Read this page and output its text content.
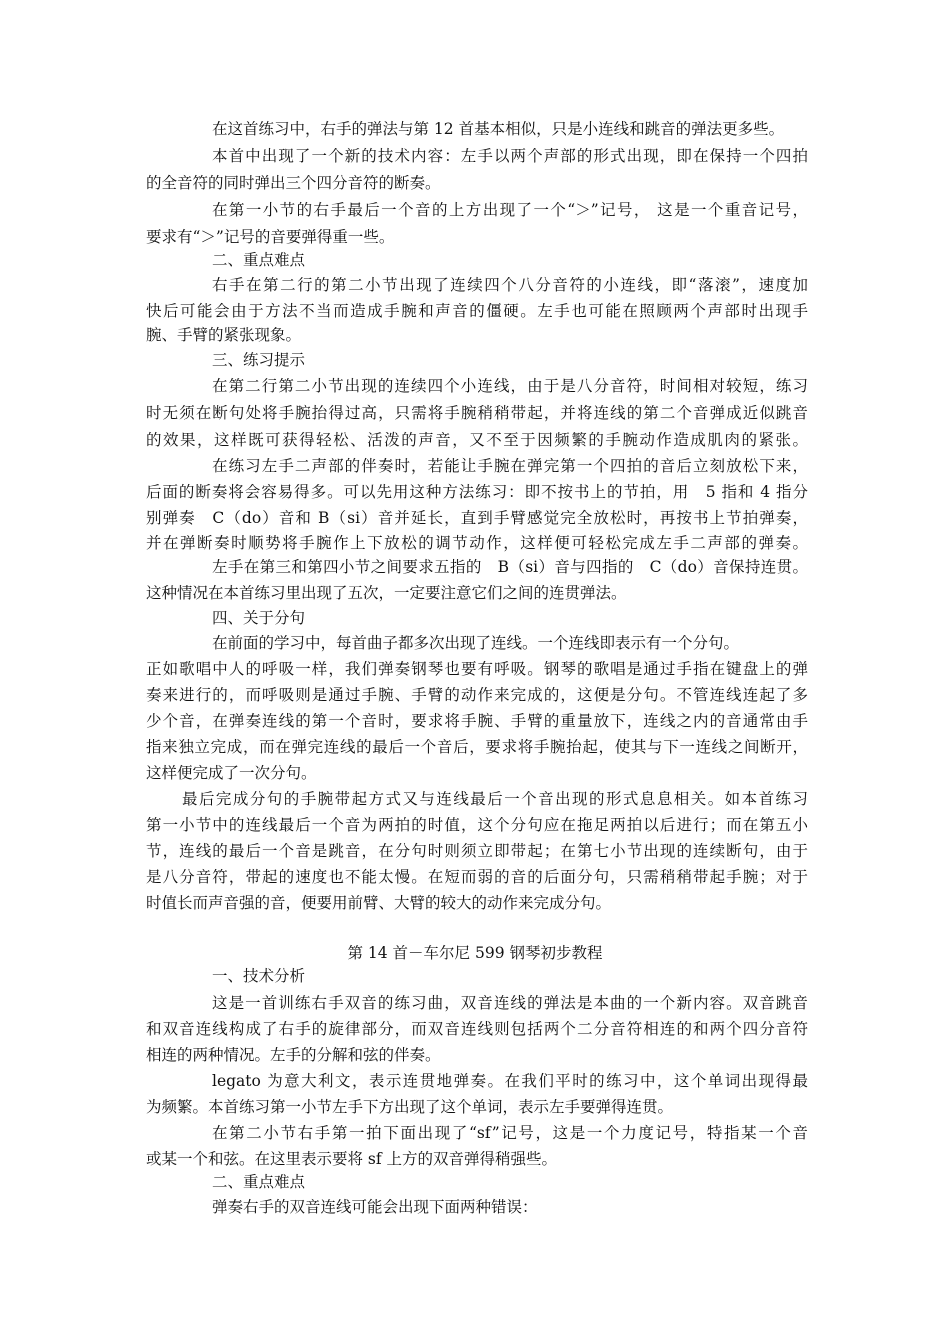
在这首练习中，右手的弹法与第 12 首基本相似，只是小连线和跳音的弹法更多些。
本首中出现了一个新的技术内容：左手以两个声部的形式出现，即在保持一个四拍
的全音符的同时弹出三个四分音符的断奏。
在第一小节的右手最后一个音的上方出现了一个“＞”记号， 这是一个重音记号，
要求有“＞”记号的音要弹得重一些。
二、重点难点
右手在第二行的第二小节出现了连续四个八分音符的小连线，即“落滚”，速度加
快后可能会由于方法不当而造成手腕和声音的僵硬。左手也可能在照顾两个声部时出现手
腕、手臂的紧张现象。
三、练习提示
在第二行第二小节出现的连续四个小连线，由于是八分音符，时间相对较短，练习
时无须在断句处将手腕抬得过高，只需将手腕稍稍带起，并将连线的第二个音弹成近似跳音
的效果，这样既可获得轻松、活泼的声音，又不至于因频繁的手腕动作造成肌肉的紧张。
在练习左手二声部的伴奏时，若能让手腕在弹完第一个四拍的音后立刻放松下来，
后面的断奏将会容易得多。可以先用这种方法练习：即不按书上的节拍，用　5 指和 4 指分
别弹奏　C（do）音和 B（si）音并延长，直到手臂感觉完全放松时，再按书上节拍弹奏，
并在弹断奏时顺势将手腕作上下放松的调节动作，这样便可轻松完成左手二声部的弹奏。
左手在第三和第四小节之间要求五指的　B（si）音与四指的　C（do）音保持连贯。
这种情况在本首练习里出现了五次，一定要注意它们之间的连贯弹法。
四、关于分句
在前面的学习中，每首曲子都多次出现了连线。一个连线即表示有一个分句。
正如歌唱中人的呼吸一样，我们弹奏钢琴也要有呼吸。钢琴的歌唱是通过手指在键盘上的弹
奏来进行的，而呼吸则是通过手腕、手臂的动作来完成的，这便是分句。不管连线连起了多
少个音，在弹奏连线的第一个音时，要求将手腕、手臂的重量放下，连线之内的音通常由手
指来独立完成，而在弹完连线的最后一个音后，要求将手腕抬起，使其与下一连线之间断开，
这样便完成了一次分句。
最后完成分句的手腕带起方式又与连线最后一个音出现的形式息息相关。如本首练习
第一小节中的连线最后一个音为两拍的时值，这个分句应在拖足两拍以后进行；而在第五小
节，连线的最后一个音是跳音，在分句时则须立即带起；在第七小节出现的连续断句，由于
是八分音符，带起的速度也不能太慢。在短而弱的音的后面分句，只需稍稍带起手腕；对于
时值长而声音强的音，便要用前臂、大臂的较大的动作来完成分句。
第 14 首－车尔尼 599 钢琴初步教程
一、技术分析
这是一首训练右手双音的练习曲，双音连线的弹法是本曲的一个新内容。双音跳音
和双音连线构成了右手的旋律部分，而双音连线则包括两个二分音符相连的和两个四分音符
相连的两种情况。左手的分解和弦的伴奏。
legato 为意大利文，表示连贯地弹奏。在我们平时的练习中，这个单词出现得最
为频繁。本首练习第一小节左手下方出现了这个单词，表示左手要弹得连贯。
在第二小节右手第一拍下面出现了“sf”记号，这是一个力度记号，特指某一个音
或某一个和弦。在这里表示要将 sf 上方的双音弹得稍强些。
二、重点难点
弹奏右手的双音连线可能会出现下面两种错误：
